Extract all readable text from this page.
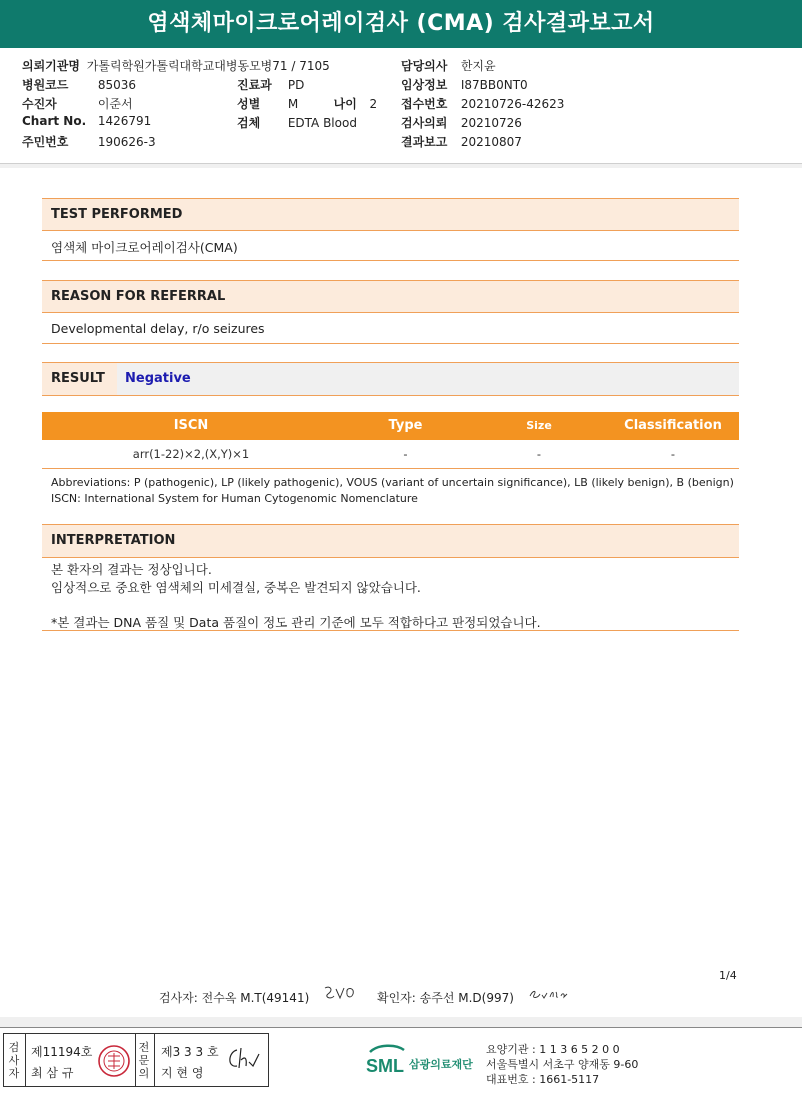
염색체마이크로어레이검사 (CMA) 검사결과보고서
의뢰기관명 가톨릭학원가톨릭대학교대병동모병71 / 7105
병원코드 85036
수진자	이준서
Chart No. 1426791
주민번호 190626-3
진료과 PD
성별 M	나이 2
검체 EDTA Blood
담당의사 한지윤
임상정보 I87BB0NT0
접수번호 20210726-42623
검사의뢰 20210726
결과보고 20210807
TEST PERFORMED
염색체 마이크로어레이검사(CMA)
REASON FOR REFERRAL
Developmental delay, r/o seizures
RESULT	Negative
ISCN	Type	Size	Classification
arr(1-22)×2,(X,Y)×1	-	-	-
Abbreviations: P (pathogenic), LP (likely pathogenic), VOUS (variant of uncertain significance), LB (likely benign), B (benign)
ISCN: International System for Human Cytogenomic Nomenclature
INTERPRETATION
본 환자의 결과는 정상입니다.
임상적으로 중요한 염색체의 미세결실, 중복은 발견되지 않았습니다.
*본 결과는 DNA 품질 및 Data 품질이 정도 관리 기준에 모두 적합하다고 판정되었습니다.
1/4
검사자: 전수옥 M.T(49141)	확인자: 송주선 M.D(997)
검
사
자
제11194호
최 삼 규
전
문
의
제3 3 3 호
지 현 영	SML 삼광의료재단
요양기관 : 1 1 3 6 5 2 0 0
서울특별시 서초구 양재동 9-60
대표번호 : 1661-5117
